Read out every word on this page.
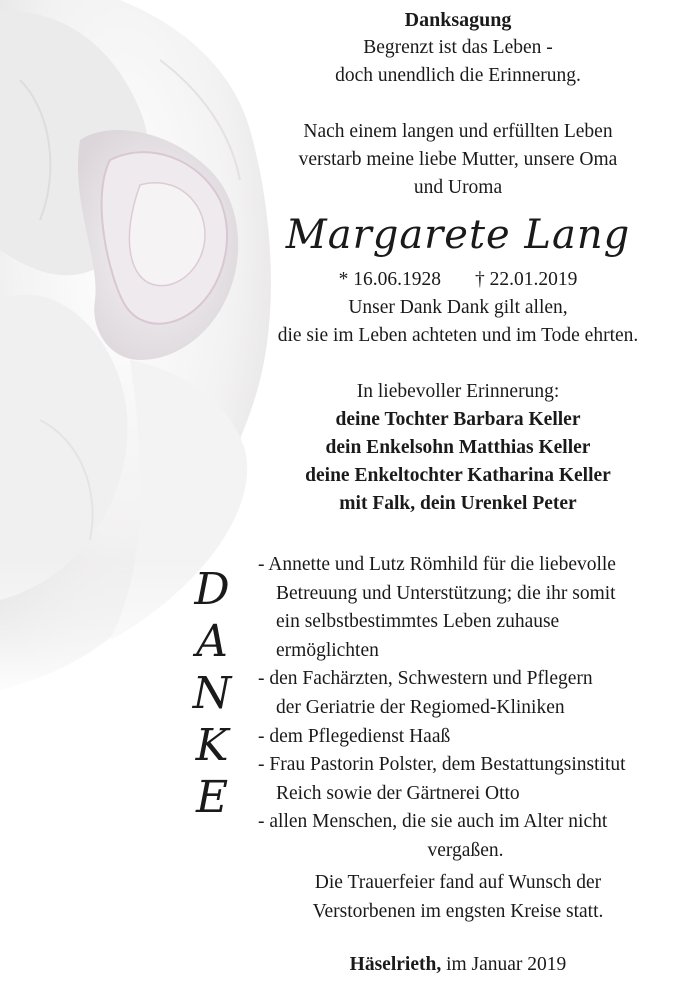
Danksagung
Begrenzt ist das Leben -
doch unendlich die Erinnerung.
Nach einem langen und erfüllten Leben
verstarb meine liebe Mutter, unsere Oma
und Uroma
Margarete Lang
* 16.06.1928 † 22.01.2019
Unser Dank Dank gilt allen,
die sie im Leben achteten und im Tode ehrten.
In liebevoller Erinnerung:
deine Tochter Barbara Keller
dein Enkelsohn Matthias Keller
deine Enkeltochter Katharina Keller
mit Falk, dein Urenkel Peter
D
A
N
K
E
- Annette und Lutz Römhild für die liebevolle
Betreuung und Unterstützung; die ihr somit
ein selbstbestimmtes Leben zuhause
ermöglichten
- den Fachärzten, Schwestern und Pflegern
der Geriatrie der Regiomed-Kliniken
- dem Pflegedienst Haaß
- Frau Pastorin Polster, dem Bestattungsinstitut
Reich sowie der Gärtnerei Otto
- allen Menschen, die sie auch im Alter nicht
vergaßen.
Die Trauerfeier fand auf Wunsch der
Verstorbenen im engsten Kreise statt.
Häselrieth, im Januar 2019
